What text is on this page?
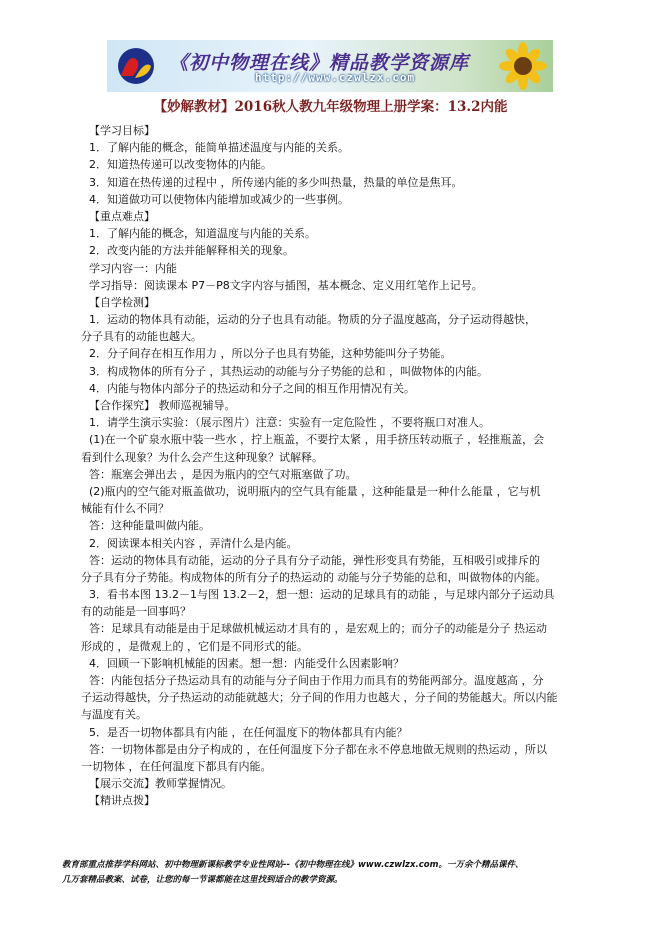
《初中物理在线》精品教学资源库
http://www.czwlzx.com
【妙解教材】2016秋人教九年级物理上册学案：13.2内能
【学习目标】
1．了解内能的概念，能简单描述温度与内能的关系。
2．知道热传递可以改变物体的内能。
3．知道在热传递的过程中 ，所传递内能的多少叫热量，热量的单位是焦耳。
4．知道做功可以使物体内能增加或减少的一些事例。
【重点难点】
1．了解内能的概念，知道温度与内能的关系。
2．改变内能的方法并能解释相关的现象。
学习内容一：内能
学习指导：阅读课本 P7－P8文字内容与插图，基本概念、定义用红笔作上记号。
【自学检测】
1．运动的物体具有动能，运动的分子也具有动能。物质的分子温度越高，分子运动得越快，
分子具有的动能也越大。
2．分子间存在相互作用力 ，所以分子也具有势能，这种势能叫分子势能。
3．构成物体的所有分子 ，其热运动的动能与分子势能的总和 ，叫做物体的内能。
4．内能与物体内部分子的热运动和分子之间的相互作用情况有关。
【合作探究】 教师巡视辅导。
1．请学生演示实验：（展示图片）注意：实验有一定危险性 ，不要将瓶口对准人。
(1)在一个矿泉水瓶中装一些水 ，拧上瓶盖，不要拧太紧 ，用手挤压转动瓶子 ，轻推瓶盖，会
看到什么现象？为什么会产生这种现象？试解释。
答：瓶塞会弹出去 ，是因为瓶内的空气对瓶塞做了功。
(2)瓶内的空气能对瓶盖做功，说明瓶内的空气具有能量 ，这种能量是一种什么能量 ，它与机
械能有什么不同？
答：这种能量叫做内能。
2．阅读课本相关内容 ，弄清什么是内能。
答：运动的物体具有动能，运动的分子具有分子动能，弹性形变具有势能，互相吸引或排斥的
分子具有分子势能。构成物体的所有分子的热运动的 动能与分子势能的总和，叫做物体的内能。
3．看书本图 13.2－1与图 13.2－2，想一想：运动的足球具有的动能 ，与足球内部分子运动具
有的动能是一回事吗？
答：足球具有动能是由于足球做机械运动才具有的 ，是宏观上的；而分子的动能是分子 热运动
形成的 ，是微观上的 ，它们是不同形式的能。
4．回顾一下影响机械能的因素。想一想：内能受什么因素影响？
答：内能包括分子热运动具有的动能与分子间由于作用力而具有的势能两部分。温度越高 ，分
子运动得越快，分子热运动的动能就越大；分子间的作用力也越大 ，分子间的势能越大。所以内能
与温度有关。
5．是否一切物体都具有内能 ，在任何温度下的物体都具有内能？
答：一切物体都是由分子构成的 ，在任何温度下分子都在永不停息地做无规则的热运动 ，所以
一切物体 ，在任何温度下都具有内能。
【展示交流】教师掌握情况。
【精讲点拨】
教育部重点推荐学科网站、初中物理新课标教学专业性网站--《初中物理在线》www.czwlzx.com。一万余个精品课件、
几万套精品教案、试卷，让您的每一节课都能在这里找到适合的教学资源。
